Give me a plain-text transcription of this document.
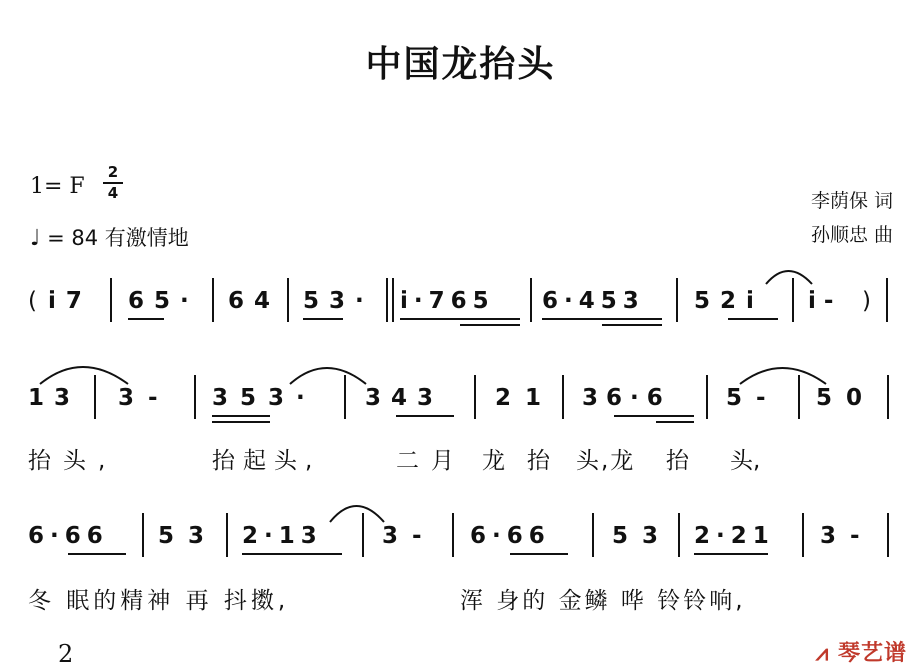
中国龙抬头
1= F
2
4
♩ = 84 有激情地
李荫保 词
孙顺忠 曲
( i̇7 65· 64 53· i̇·765 6·453 52i̇ i̇- )
13 3- 353· 343 21 36·6 5- 50
抬头,	抬起头,	二月 龙抬 头,龙 抬 头,
6·66 53 2·13	3- 6·66	53 2·21 3-
冬 眠的精神 再 抖擞,	浑 身的 金鳞 哗 铃铃响,
2	⩘ 琴艺谱
